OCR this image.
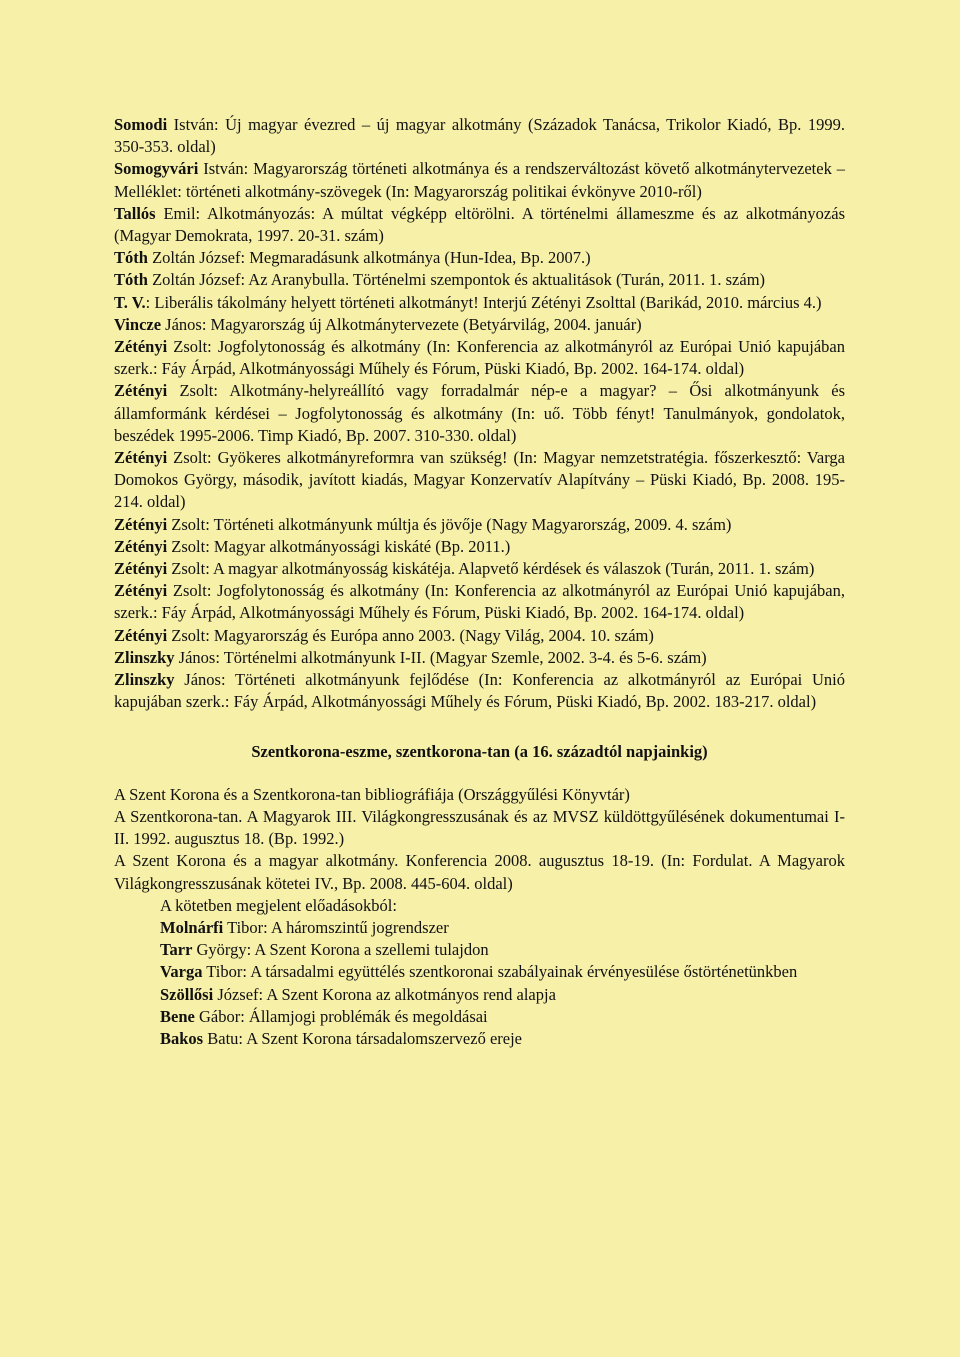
Somodi István: Új magyar évezred – új magyar alkotmány (Századok Tanácsa, Trikolor Kiadó, Bp. 1999. 350-353. oldal)
Somogyvári István: Magyarország történeti alkotmánya és a rendszerváltozást követő alkotmánytervezetek – Melléklet: történeti alkotmány-szövegek (In: Magyarország politikai évkönyve 2010-ről)
Tallós Emil: Alkotmányozás: A múltat végképp eltörölni. A történelmi állameszme és az alkotmányozás (Magyar Demokrata, 1997. 20-31. szám)
Tóth Zoltán József: Megmaradásunk alkotmánya (Hun-Idea, Bp. 2007.)
Tóth Zoltán József: Az Aranybulla. Történelmi szempontok és aktualitások (Turán, 2011. 1. szám)
T. V.: Liberális tákolmány helyett történeti alkotmányt! Interjú Zétényi Zsolttal (Barikád, 2010. március 4.)
Vincze János: Magyarország új Alkotmánytervezete (Betyárvilág, 2004. január)
Zétényi Zsolt: Jogfolytonosság és alkotmány (In: Konferencia az alkotmányról az Európai Unió kapujában szerk.: Fáy Árpád, Alkotmányossági Műhely és Fórum, Püski Kiadó, Bp. 2002. 164-174. oldal)
Zétényi Zsolt: Alkotmány-helyreállító vagy forradalmár nép-e a magyar? – Ősi alkotmányunk és államformánk kérdései – Jogfolytonosság és alkotmány (In: uő. Több fényt! Tanulmányok, gondolatok, beszédek 1995-2006. Timp Kiadó, Bp. 2007. 310-330. oldal)
Zétényi Zsolt: Gyökeres alkotmányreformra van szükség! (In: Magyar nemzetstratégia. főszerkesztő: Varga Domokos György, második, javított kiadás, Magyar Konzervatív Alapítvány – Püski Kiadó, Bp. 2008. 195-214. oldal)
Zétényi Zsolt: Történeti alkotmányunk múltja és jövője (Nagy Magyarország, 2009. 4. szám)
Zétényi Zsolt: Magyar alkotmányossági kiskáté (Bp. 2011.)
Zétényi Zsolt: A magyar alkotmányosság kiskátéja. Alapvető kérdések és válaszok (Turán, 2011. 1. szám)
Zétényi Zsolt: Jogfolytonosság és alkotmány (In: Konferencia az alkotmányról az Európai Unió kapujában, szerk.: Fáy Árpád, Alkotmányossági Műhely és Fórum, Püski Kiadó, Bp. 2002. 164-174. oldal)
Zétényi Zsolt: Magyarország és Európa anno 2003. (Nagy Világ, 2004. 10. szám)
Zlinszky János: Történelmi alkotmányunk I-II. (Magyar Szemle, 2002. 3-4. és 5-6. szám)
Zlinszky János: Történeti alkotmányunk fejlődése (In: Konferencia az alkotmányról az Európai Unió kapujában szerk.: Fáy Árpád, Alkotmányossági Műhely és Fórum, Püski Kiadó, Bp. 2002. 183-217. oldal)
Szentkorona-eszme, szentkorona-tan (a 16. századtól napjainkig)
A Szent Korona és a Szentkorona-tan bibliográfiája (Országgyűlési Könyvtár)
A Szentkorona-tan. A Magyarok III. Világkongresszusának és az MVSZ küldöttgyűlésének dokumentumai I-II. 1992. augusztus 18. (Bp. 1992.)
A Szent Korona és a magyar alkotmány. Konferencia 2008. augusztus 18-19. (In: Fordulat. A Magyarok Világkongresszusának kötetei IV., Bp. 2008. 445-604. oldal)
A kötetben megjelent előadásokból:
Molnárfi Tibor: A háromszintű jogrendszer
Tarr György: A Szent Korona a szellemi tulajdon
Varga Tibor: A társadalmi együttélés szentkoronai szabályainak érvényesülése őstörténetünkben
Szöllősi József: A Szent Korona az alkotmányos rend alapja
Bene Gábor: Államjogi problémák és megoldásai
Bakos Batu: A Szent Korona társadalomszervező ereje
